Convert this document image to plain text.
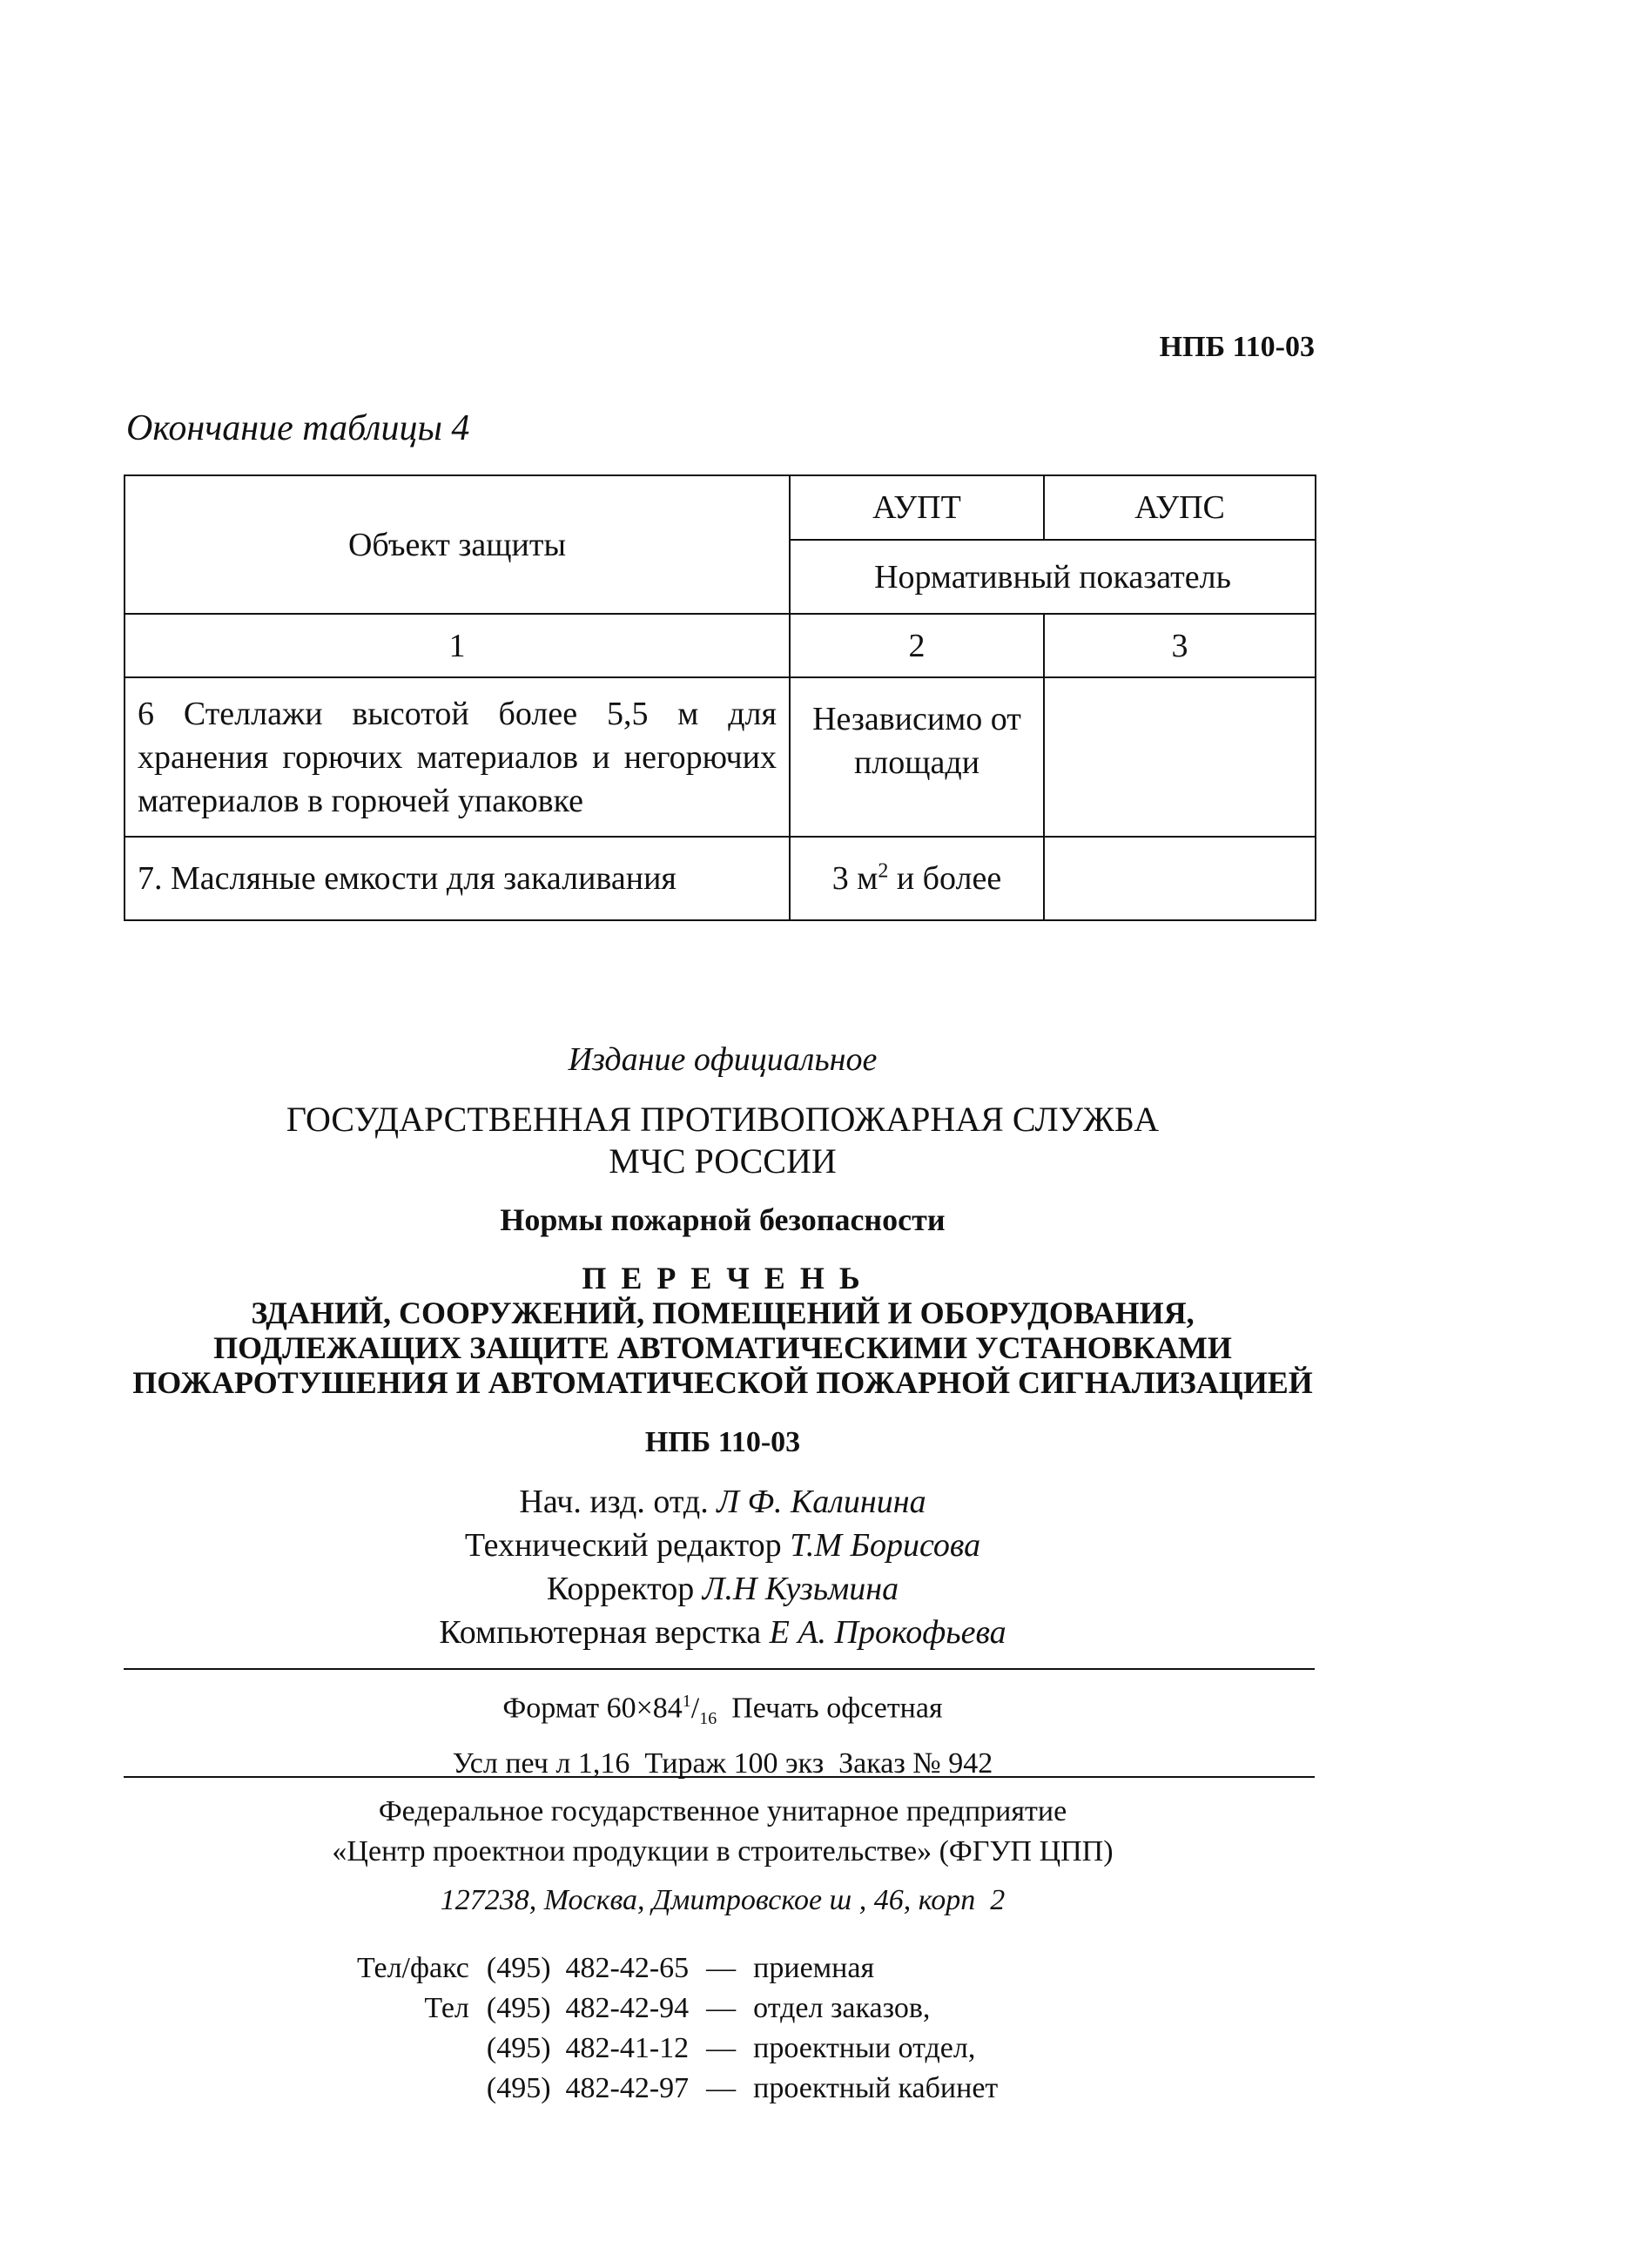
НПБ 110-03
Окончание таблицы 4
Объект защиты	АУПТ	АУПС
	Нормативный показатель	
1	2	3

6 Стеллажи высотой более 5,5 м для хранения горючих материалов и негорючих материалов в горючей упаковке	Независимо от площади	

7. Масляные емкости для закаливания	3 $м^2$ и более	
Издание официальное
ГОСУДАРСТВЕННАЯ ПРОТИВОПОЖАРНАЯ СЛУЖБА
МЧС РОССИИ
Нормы пожарной безопасности
П Е Р Е Ч Е Н Ь
ЗДАНИЙ, СООРУЖЕНИЙ, ПОМЕЩЕНИЙ И ОБОРУДОВАНИЯ,
ПОДЛЕЖАЩИХ ЗАЩИТЕ АВТОМАТИЧЕСКИМИ УСТАНОВКАМИ
ПОЖАРОТУШЕНИЯ И АВТОМАТИЧЕСКОЙ ПОЖАРНОЙ СИГНАЛИЗАЦИЕЙ
НПБ 110-03
Нач. изд. отд. Л Ф. Калинина
Технический редактор Т.М Борисова
Корректор Л.Н Кузьмина
Компьютерная верстка Е А. Прокофьева
Формат $60\times 84^1/_{16}$  Печать офсетная
Усл печ л 1,16  Тираж 100 экз  Заказ № 942
Федеральное государственное унитарное предприятие
«Центр проектнои продукции в строительстве» (ФГУП ЦПП)
127238, Москва, Дмитровское ш , 46, корп  2
Тел/факс	(495)  482-42-65	—	приемная
Тел	(495)  482-42-94	—	отдел заказов,
	(495)  482-41-12	—	проектныи отдел,
	(495)  482-42-97	—	проектный кабинет
